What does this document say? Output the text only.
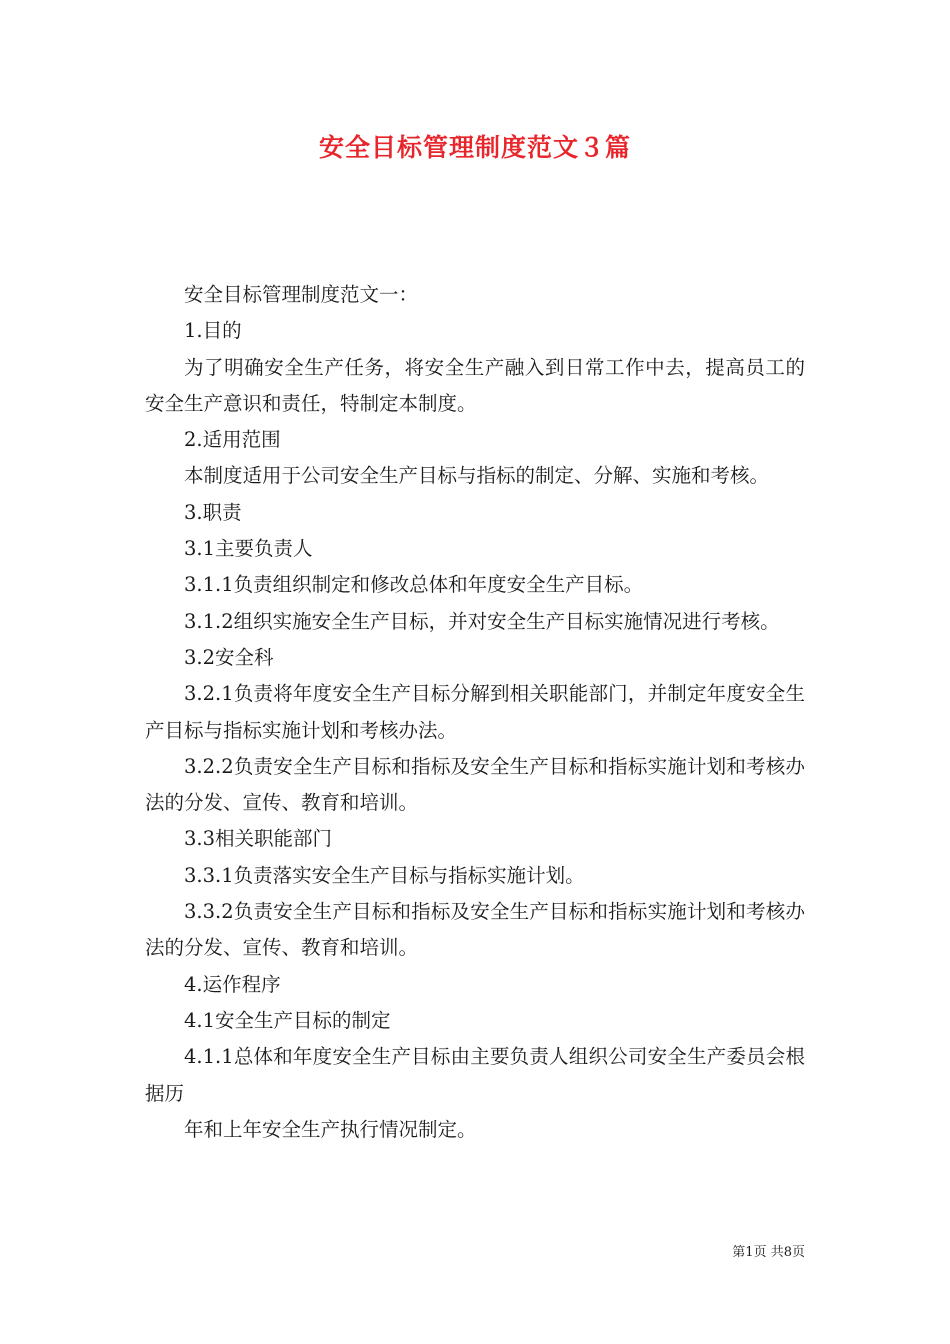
安全目标管理制度范文３篇

安全目标管理制度范文一：

1.目的

为了明确安全生产任务，将安全生产融入到日常工作中去，提高员工的安全生产意识和责任，特制定本制度。

2.适用范围

本制度适用于公司安全生产目标与指标的制定、分解、实施和考核。

3.职责

3.1主要负责人

3.1.1负责组织制定和修改总体和年度安全生产目标。

3.1.2组织实施安全生产目标，并对安全生产目标实施情况进行考核。

3.2安全科

3.2.1负责将年度安全生产目标分解到相关职能部门，并制定年度安全生产目标与指标实施计划和考核办法。

3.2.2负责安全生产目标和指标及安全生产目标和指标实施计划和考核办法的分发、宣传、教育和培训。

3.3相关职能部门

3.3.1负责落实安全生产目标与指标实施计划。

3.3.2负责安全生产目标和指标及安全生产目标和指标实施计划和考核办法的分发、宣传、教育和培训。

4.运作程序

4.1安全生产目标的制定

4.1.1总体和年度安全生产目标由主要负责人组织公司安全生产委员会根据历

年和上年安全生产执行情况制定。

第1页 共8页
